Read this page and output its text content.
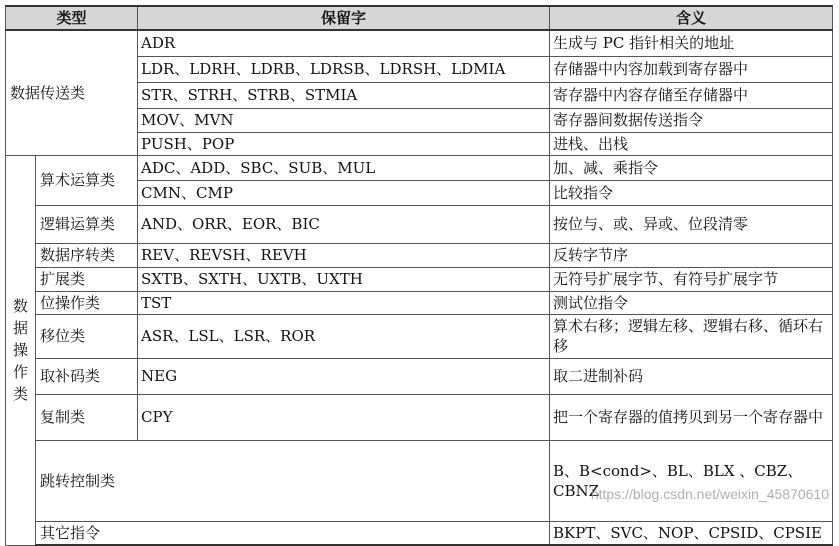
类型		保留字	含义	
数据传送类		ADR	生成与 PC 指针相关的地址	
		LDR、LDRH、LDRB、LDRSB、LDRSH、LDMIA	存储器中内容加载到寄存器中	
		STR、STRH、STRB、STMIA	寄存器中内容存储至存储器中	
		MOV、MVN	寄存器间数据传送指令	
		PUSH、POP	进栈、出栈	

数
据
操
作
类	算术运算类	ADC、ADD、SBC、SUB、MUL	加、减、乘指令	
		CMN、CMP	比较指令	
	逻辑运算类	AND、ORR、EOR、BIC	按位与、或、异或、位段清零	
	数据序转类	REV、REVSH、REVH	反转字节序	
	扩展类	SXTB、SXTH、UXTB、UXTH	无符号扩展字节、有符号扩展字节	
	位操作类	TST	测试位指令	
	移位类	ASR、LSL、LSR、ROR	算术右移；逻辑左移、逻辑右移、循环右移	
	取补码类	NEG	取二进制补码	
	复制类	CPY	把一个寄存器的值拷贝到另一个寄存器中	
	跳转控制类		B、B<cond>、BL、BLX 、CBZ、CBNZ	
	其它指令		BKPT、SVC、NOP、CPSID、CPSIE	
https://blog.csdn.net/weixin_45870610
